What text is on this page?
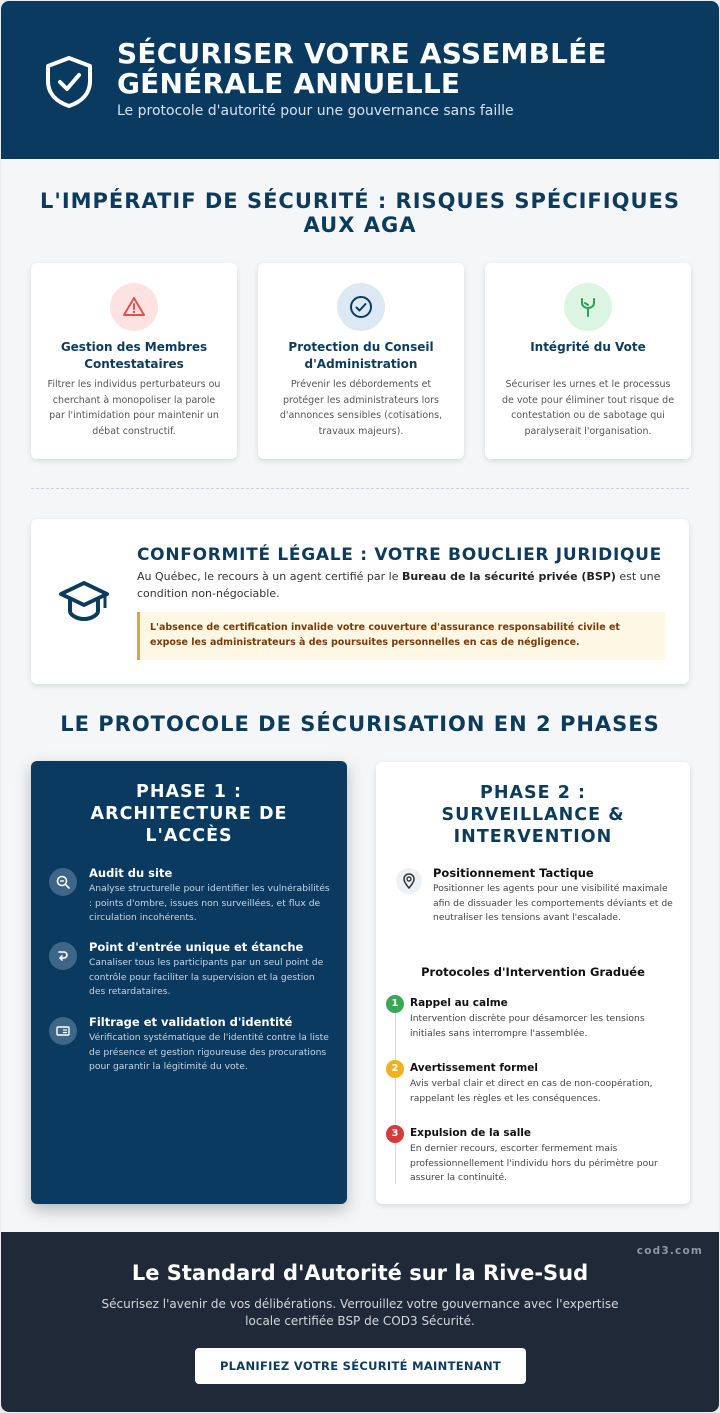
SÉCURISER VOTRE ASSEMBLÉE GÉNÉRALE ANNUELLE
Le protocole d'autorité pour une gouvernance sans faille
L'IMPÉRATIF DE SÉCURITÉ : RISQUES SPÉCIFIQUES AUX AGA
Gestion des Membres Contestataires

Filtrer les individus perturbateurs ou cherchant à monopoliser la parole par l'intimidation pour maintenir un débat constructif.

Protection du Conseil d'Administration

Prévenir les débordements et protéger les administrateurs lors d'annonces sensibles (cotisations, travaux majeurs).

Intégrité du Vote

Sécuriser les urnes et le processus de vote pour éliminer tout risque de contestation ou de sabotage qui paralyserait l'organisation.

CONFORMITÉ LÉGALE : VOTRE BOUCLIER JURIDIQUE
Au Québec, le recours à un agent certifié par le Bureau de la sécurité privée (BSP) est une condition non-négociable.

L'absence de certification invalide votre couverture d'assurance responsabilité civile et expose les administrateurs à des poursuites personnelles en cas de négligence.

LE PROTOCOLE DE SÉCURISATION EN 2 PHASES
PHASE 1 : ARCHITECTURE DE L'ACCÈS
Audit du site

Analyse structurelle pour identifier les vulnérabilités : points d'ombre, issues non surveillées, et flux de circulation incohérents.

Point d'entrée unique et étanche

Canaliser tous les participants par un seul point de contrôle pour faciliter la supervision et la gestion des retardataires.

Filtrage et validation d'identité

Vérification systématique de l'identité contre la liste de présence et gestion rigoureuse des procurations pour garantir la légitimité du vote.

PHASE 2 : SURVEILLANCE & INTERVENTION
Positionnement Tactique

Positionner les agents pour une visibilité maximale afin de dissuader les comportements déviants et de neutraliser les tensions avant l'escalade.

Protocoles d'Intervention Graduée
1	Rappel au calme

Intervention discrète pour désamorcer les tensions initiales sans interrompre l'assemblée.

2	Avertissement formel

Avis verbal clair et direct en cas de non-coopération, rappelant les règles et les conséquences.

3	Expulsion de la salle

En dernier recours, escorter fermement mais professionnellement l'individu hors du périmètre pour assurer la continuité.

cod3.com
Le Standard d'Autorité sur la Rive-Sud
Sécurisez l'avenir de vos délibérations. Verrouillez votre gouvernance avec l'expertise locale certifiée BSP de COD3 Sécurité.
PLANIFIEZ VOTRE SÉCURITÉ MAINTENANT
